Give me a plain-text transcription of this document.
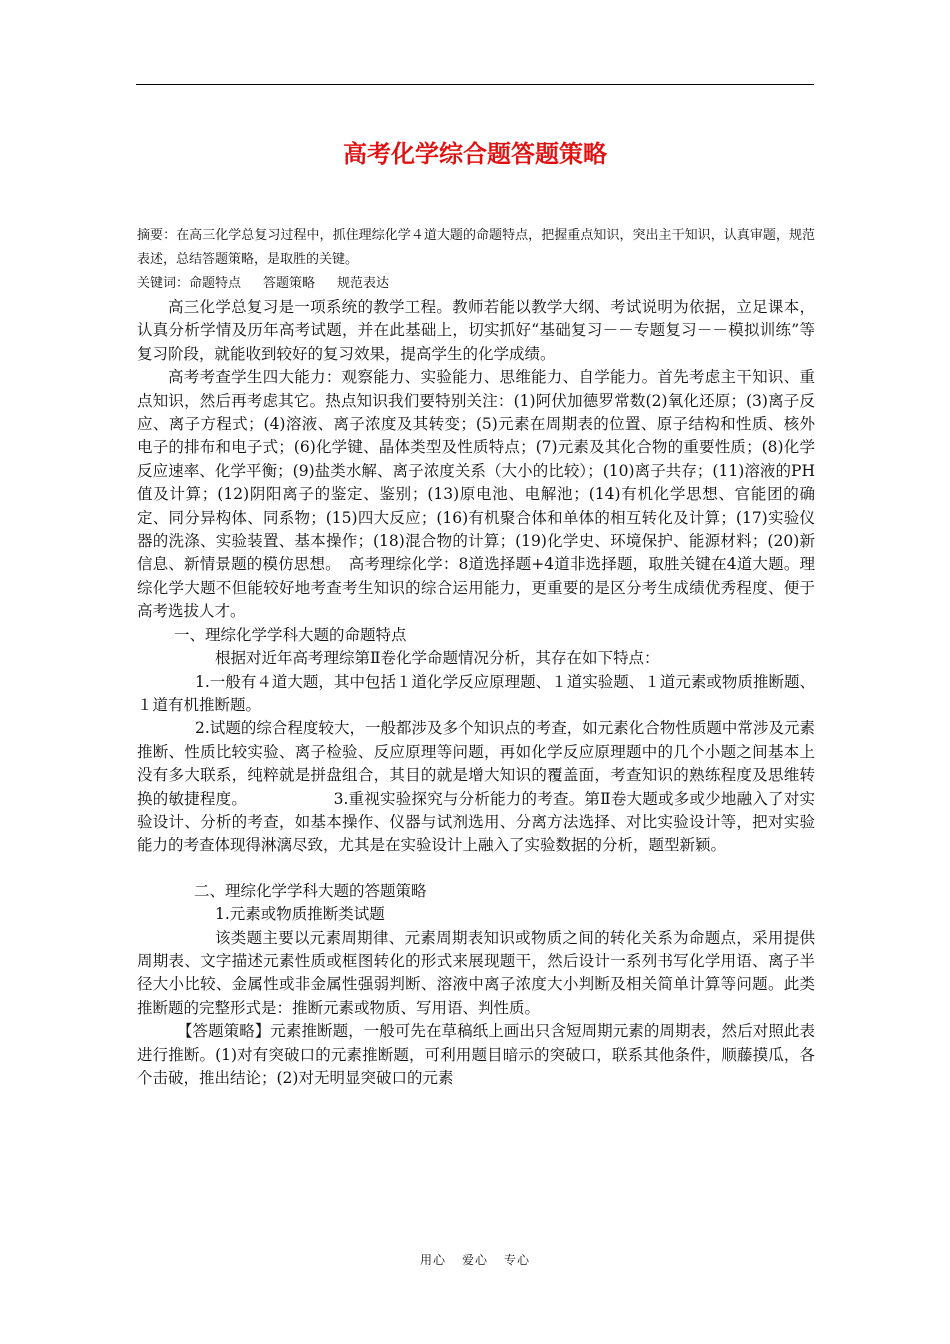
高考化学综合题答题策略

摘要：在高三化学总复习过程中，抓住理综化学４道大题的命题特点，把握重点知识，突出主干知识，认真审题，规范表述，总结答题策略，是取胜的关键。

关键词：命题特点 答题策略 规范表达

高三化学总复习是一项系统的教学工程。教师若能以教学大纲、考试说明为依据，立足课本，认真分析学情及历年高考试题，并在此基础上，切实抓好“基础复习－－专题复习－－模拟训练”等复习阶段，就能收到较好的复习效果，提高学生的化学成绩。

高考考查学生四大能力：观察能力、实验能力、思维能力、自学能力。首先考虑主干知识、重点知识，然后再考虑其它。热点知识我们要特别关注：(1)阿伏加德罗常数(2)氧化还原；(3)离子反应、离子方程式；(4)溶液、离子浓度及其转变；(5)元素在周期表的位置、原子结构和性质、核外电子的排布和电子式；(6)化学键、晶体类型及性质特点；(7)元素及其化合物的重要性质；(8)化学反应速率、化学平衡；(9)盐类水解、离子浓度关系（大小的比较）；(10)离子共存；(11)溶液的PH值及计算；(12)阴阳离子的鉴定、鉴别；(13)原电池、电解池；(14)有机化学思想、官能团的确定、同分异构体、同系物；(15)四大反应；(16)有机聚合体和单体的相互转化及计算；(17)实验仪器的洗涤、实验装置、基本操作；(18)混合物的计算；(19)化学史、环境保护、能源材料；(20)新信息、新情景题的模仿思想。　高考理综化学：8道选择题+4道非选择题，取胜关键在4道大题。理综化学大题不但能较好地考查考生知识的综合运用能力，更重要的是区分考生成绩优秀程度、便于高考选拔人才。

一、理综化学学科大题的命题特点

根据对近年高考理综第Ⅱ卷化学命题情况分析，其存在如下特点：

1.一般有４道大题，其中包括１道化学反应原理题、１道实验题、１道元素或物质推断题、１道有机推断题。

2.试题的综合程度较大，一般都涉及多个知识点的考查，如元素化合物性质题中常涉及元素推断、性质比较实验、离子检验、反应原理等问题，再如化学反应原理题中的几个小题之间基本上没有多大联系，纯粹就是拼盘组合，其目的就是增大知识的覆盖面，考查知识的熟练程度及思维转换的敏捷程度。　　　　　　3.重视实验探究与分析能力的考查。第Ⅱ卷大题或多或少地融入了对实验设计、分析的考查，如基本操作、仪器与试剂选用、分离方法选择、对比实验设计等，把对实验能力的考查体现得淋漓尽致，尤其是在实验设计上融入了实验数据的分析，题型新颖。

二、理综化学学科大题的答题策略

1.元素或物质推断类试题

该类题主要以元素周期律、元素周期表知识或物质之间的转化关系为命题点，采用提供周期表、文字描述元素性质或框图转化的形式来展现题干，然后设计一系列书写化学用语、离子半径大小比较、金属性或非金属性强弱判断、溶液中离子浓度大小判断及相关简单计算等问题。此类推断题的完整形式是：推断元素或物质、写用语、判性质。

【答题策略】元素推断题，一般可先在草稿纸上画出只含短周期元素的周期表，然后对照此表进行推断。(1)对有突破口的元素推断题，可利用题目暗示的突破口，联系其他条件，顺藤摸瓜，各个击破，推出结论；(2)对无明显突破口的元素

用心 爱心 专心
